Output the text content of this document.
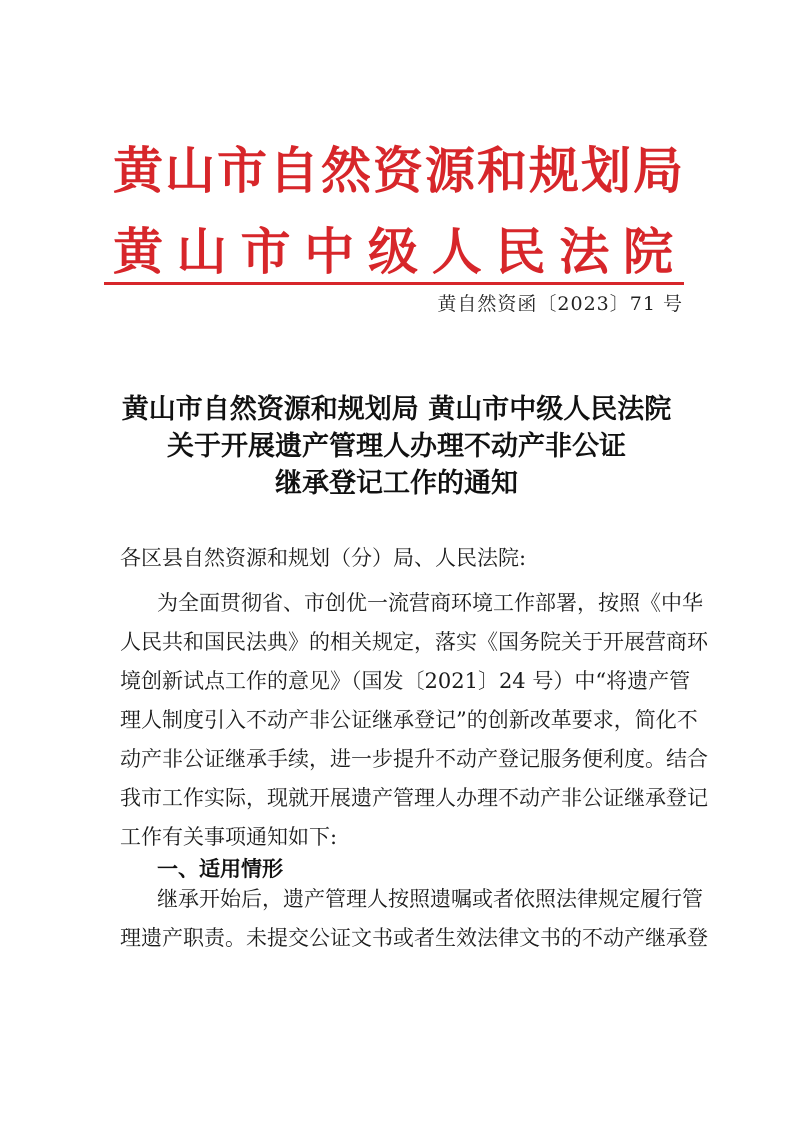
黄 山 市 自 然 资 源 和 规 划 局
黄 山 市 中 级 人 民 法 院
黄自然资函〔2023〕71 号
黄山市自然资源和规划局 黄山市中级人民法院
关于开展遗产管理人办理不动产非公证
继承登记工作的通知
各区县自然资源和规划（分）局、人民法院:
为全面贯彻省、市创优一流营商环境工作部署，按照《中华
人民共和国民法典》的相关规定，落实《国务院关于开展营商环
境创新试点工作的意见》（国发〔2021〕24 号）中“将遗产管
理人制度引入不动产非公证继承登记”的创新改革要求，简化不
动产非公证继承手续，进一步提升不动产登记服务便利度。结合
我市工作实际，现就开展遗产管理人办理不动产非公证继承登记
工作有关事项通知如下:
一、适用情形
继承开始后，遗产管理人按照遗嘱或者依照法律规定履行管
理遗产职责。未提交公证文书或者生效法律文书的不动产继承登
